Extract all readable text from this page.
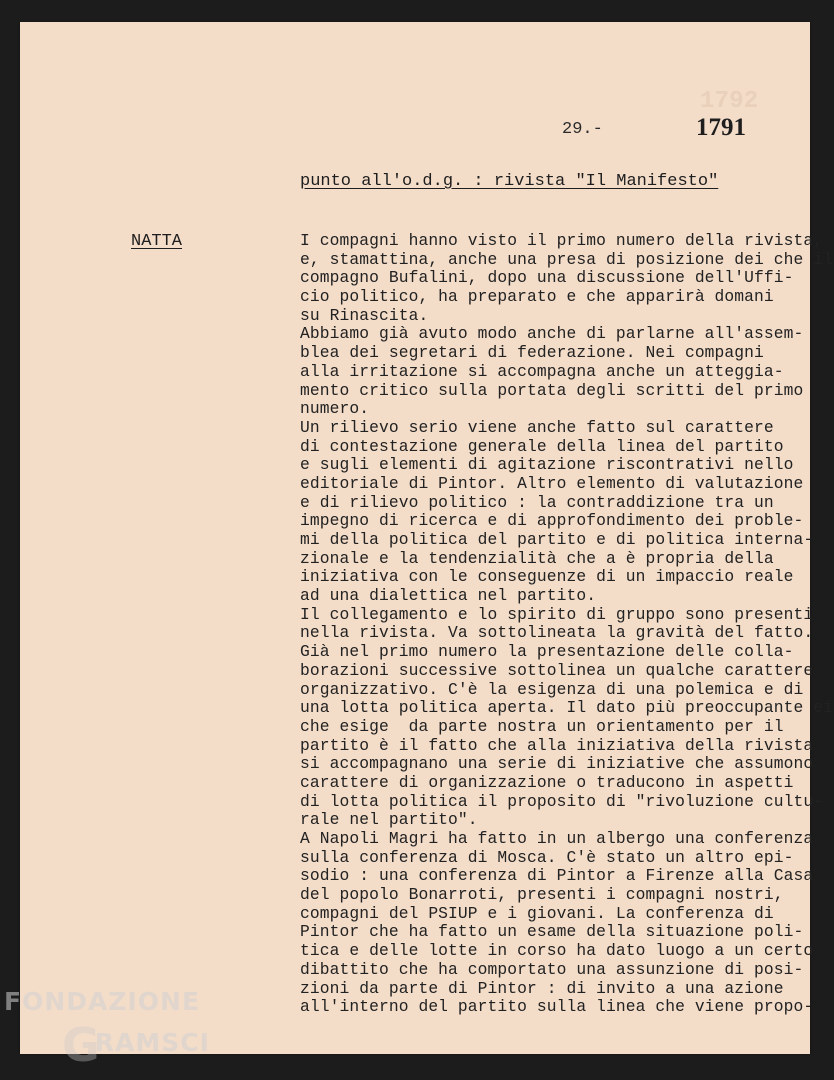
1792
29.-	1791
punto all'o.d.g. : rivista "Il Manifesto"
NATTA	I compagni hanno visto il primo numero della rivista,
e, stamattina, anche una presa di posizione dei che il
compagno Bufalini, dopo una discussione dell'Uffi-
cio politico, ha preparato e che apparirà domani
su Rinascita.
Abbiamo già avuto modo anche di parlarne all'assem-
blea dei segretari di federazione. Nei compagni
alla irritazione si accompagna anche un atteggia-
mento critico sulla portata degli scritti del primo
numero.
Un rilievo serio viene anche fatto sul carattere
di contestazione generale della linea del partito
e sugli elementi di agitazione riscontrativi nello
editoriale di Pintor. Altro elemento di valutazione
e di rilievo politico : la contraddizione tra un
impegno di ricerca e di approfondimento dei proble-
mi della politica del partito e di politica interna-
zionale e la tendenzialità che a è propria della
iniziativa con le conseguenze di un impaccio reale
ad una dialettica nel partito.
Il collegamento e lo spirito di gruppo sono presenti
nella rivista. Va sottolineata la gravità del fatto.
Già nel primo numero la presentazione delle colla-
borazioni successive sottolinea un qualche carattere
organizzativo. C'è la esigenza di una polemica e di
una lotta politica aperta. Il dato più preoccupante ei
che esige  da parte nostra un orientamento per il
partito è il fatto che alla iniziativa della rivista
si accompagnano una serie di iniziative che assumono
carattere di organizzazione o traducono in aspetti
di lotta politica il proposito di "rivoluzione cultu-
rale nel partito".
A Napoli Magri ha fatto in un albergo una conferenza
sulla conferenza di Mosca. C'è stato un altro epi-
sodio : una conferenza di Pintor a Firenze alla Casa
del popolo Bonarroti, presenti i compagni nostri,
compagni del PSIUP e i giovani. La conferenza di
Pintor che ha fatto un esame della situazione poli-
tica e delle lotte in corso ha dato luogo a un certo
dibattito che ha comportato una assunzione di posi-
zioni da parte di Pintor : di invito a una azione
all'interno del partito sulla linea che viene propo-
FONDAZIONE
GRAMSCI
